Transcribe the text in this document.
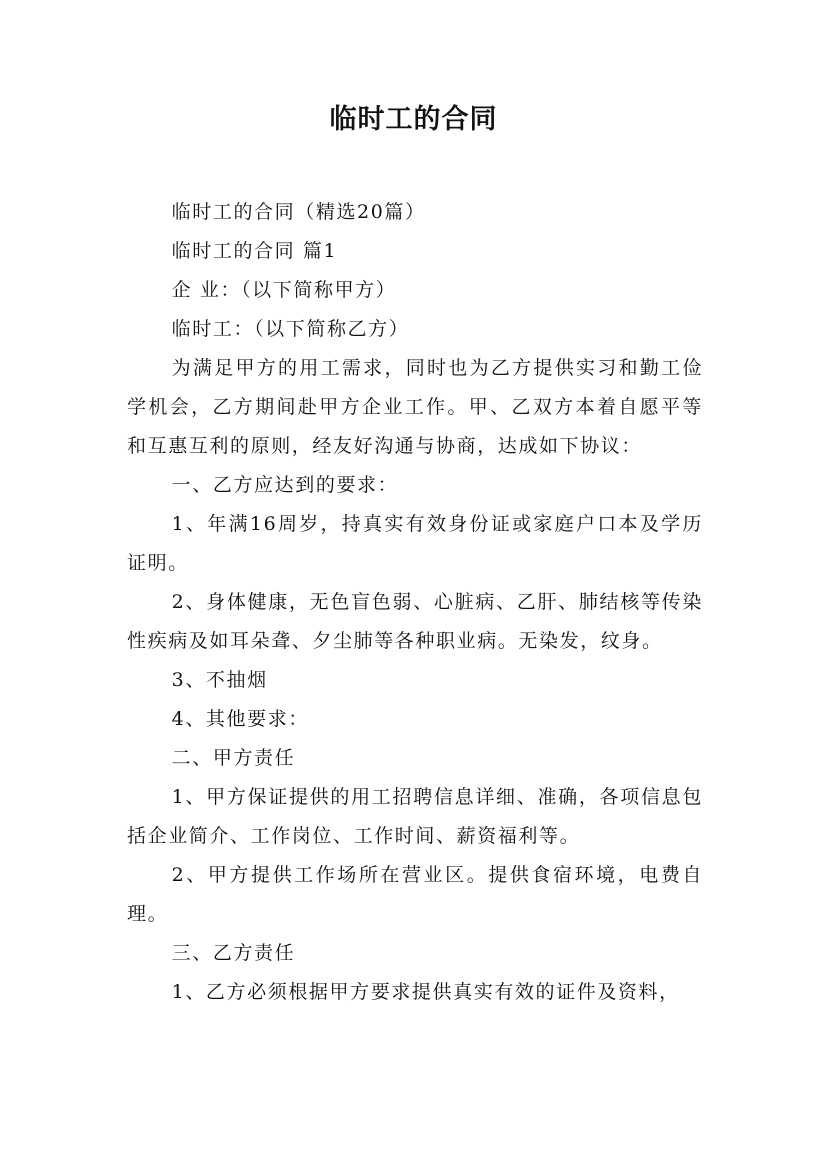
临时工的合同

临时工的合同（精选20篇）

临时工的合同 篇1

企 业：（以下简称甲方）

临时工：（以下简称乙方）

为满足甲方的用工需求，同时也为乙方提供实习和勤工俭学机会，乙方期间赴甲方企业工作。甲、乙双方本着自愿平等和互惠互利的原则，经友好沟通与协商，达成如下协议：

一、乙方应达到的要求：

1、年满16周岁，持真实有效身份证或家庭户口本及学历证明。

2、身体健康，无色盲色弱、心脏病、乙肝、肺结核等传染性疾病及如耳朵聋、夕尘肺等各种职业病。无染发，纹身。

3、不抽烟

4、其他要求：

二、甲方责任

1、甲方保证提供的用工招聘信息详细、准确，各项信息包括企业简介、工作岗位、工作时间、薪资福利等。

2、甲方提供工作场所在营业区。提供食宿环境，电费自理。

三、乙方责任

1、乙方必须根据甲方要求提供真实有效的证件及资料，
